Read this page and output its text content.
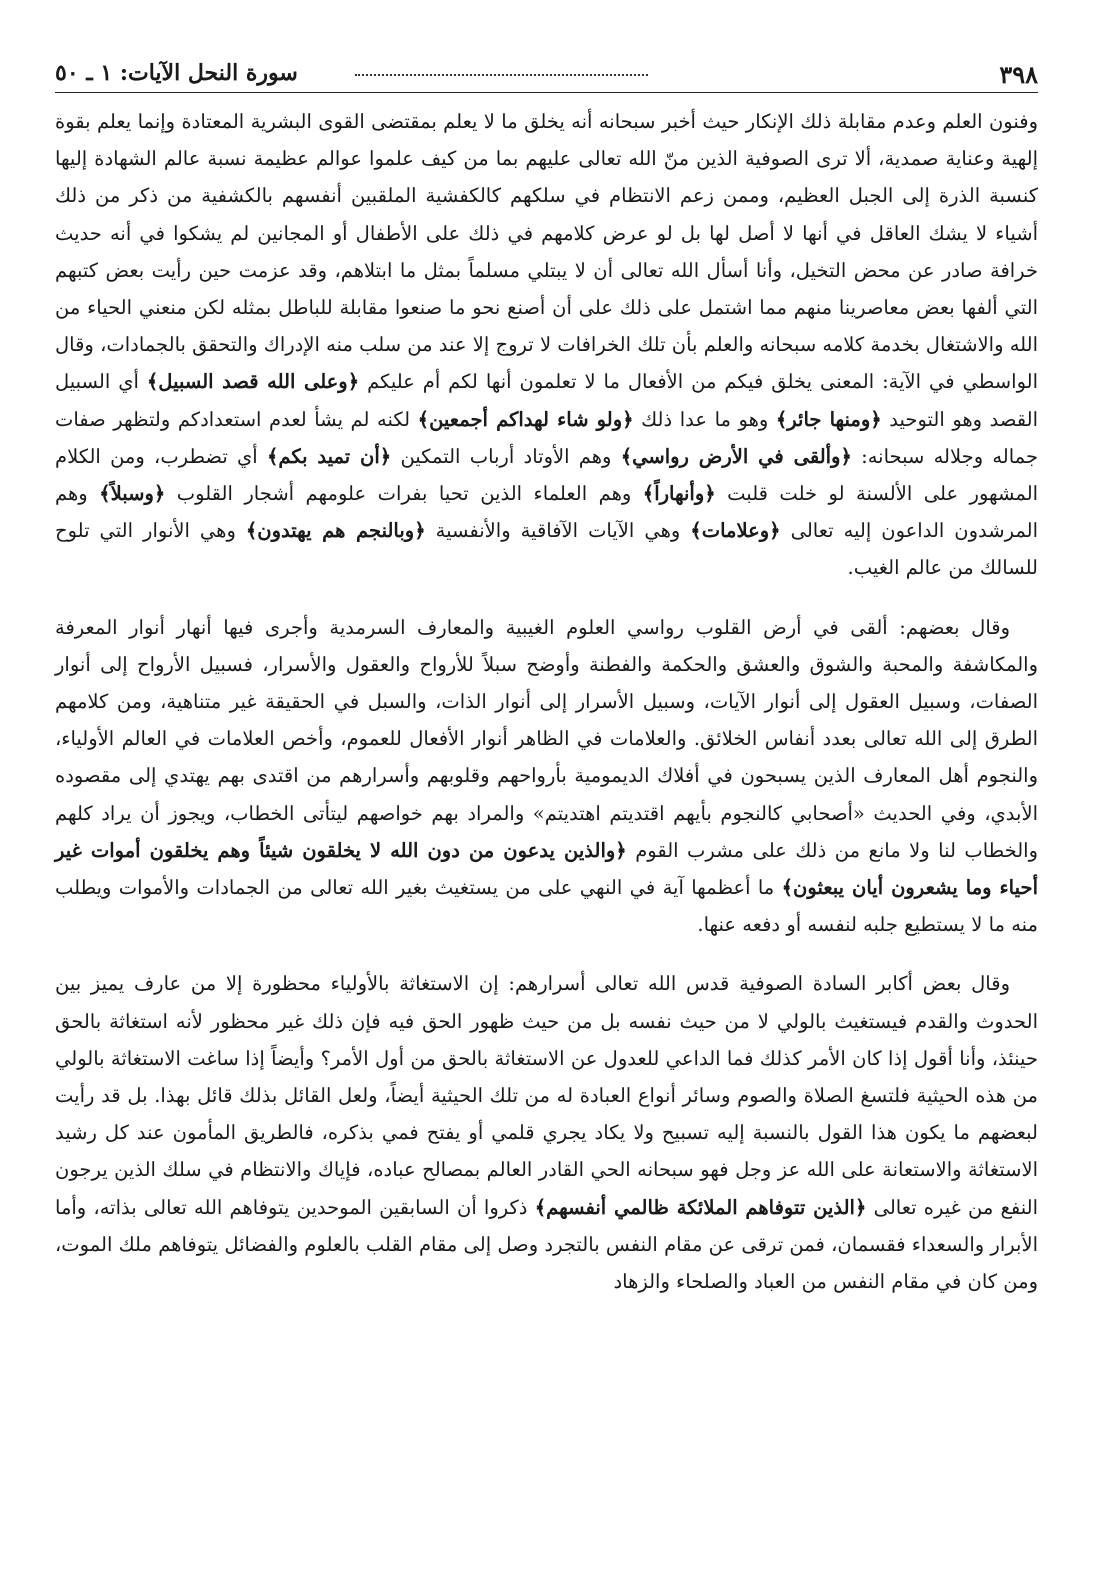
٣٩٨
سورة النحل الآيات: ١ ـ ٥٠

وفنون العلم وعدم مقابلة ذلك الإنكار حيث أخبر سبحانه أنه يخلق ما لا يعلم بمقتضى القوى البشرية المعتادة وإنما يعلم بقوة إلهية وعناية صمدية، ألا ترى الصوفية الذين منّ الله تعالى عليهم بما من كيف علموا عوالم عظيمة نسبة عالم الشهادة إليها كنسبة الذرة إلى الجبل العظيم، وممن زعم الانتظام في سلكهم كالكفشية الملقبين أنفسهم بالكشفية من ذكر من ذلك أشياء لا يشك العاقل في أنها لا أصل لها بل لو عرض كلامهم في ذلك على الأطفال أو المجانين لم يشكوا في أنه حديث خرافة صادر عن محض التخيل، وأنا أسأل الله تعالى أن لا يبتلي مسلماً بمثل ما ابتلاهم، وقد عزمت حين رأيت بعض كتبهم التي ألفها بعض معاصرينا منهم مما اشتمل على ذلك على أن أصنع نحو ما صنعوا مقابلة للباطل بمثله لكن منعني الحياء من الله والاشتغال بخدمة كلامه سبحانه والعلم بأن تلك الخرافات لا تروج إلا عند من سلب منه الإدراك والتحقق بالجمادات، وقال الواسطي في الآية: المعنى يخلق فيكم من الأفعال ما لا تعلمون أنها لكم أم عليكم ﴿وعلى الله قصد السبيل﴾ أي السبيل القصد وهو التوحيد ﴿ومنها جائر﴾ وهو ما عدا ذلك ﴿ولو شاء لهداكم أجمعين﴾ لكنه لم يشأ لعدم استعدادكم ولتظهر صفات جماله وجلاله سبحانه: ﴿وألقى في الأرض رواسي﴾ وهم الأوتاد أرباب التمكين ﴿أن تميد بكم﴾ أي تضطرب، ومن الكلام المشهور على الألسنة لو خلت قلبت ﴿وأنهاراً﴾ وهم العلماء الذين تحيا بفرات علومهم أشجار القلوب ﴿وسبلاً﴾ وهم المرشدون الداعون إليه تعالى ﴿وعلامات﴾ وهي الآيات الآفاقية والأنفسية ﴿وبالنجم هم يهتدون﴾ وهي الأنوار التي تلوح للسالك من عالم الغيب.

وقال بعضهم: ألقى في أرض القلوب رواسي العلوم الغيبية والمعارف السرمدية وأجرى فيها أنهار أنوار المعرفة والمكاشفة والمحبة والشوق والعشق والحكمة والفطنة وأوضح سبلاً للأرواح والعقول والأسرار، فسبيل الأرواح إلى أنوار الصفات، وسبيل العقول إلى أنوار الآيات، وسبيل الأسرار إلى أنوار الذات، والسبل في الحقيقة غير متناهية، ومن كلامهم الطرق إلى الله تعالى بعدد أنفاس الخلائق. والعلامات في الظاهر أنوار الأفعال للعموم، وأخص العلامات في العالم الأولياء، والنجوم أهل المعارف الذين يسبحون في أفلاك الديمومية بأرواحهم وقلوبهم وأسرارهم من اقتدى بهم يهتدي إلى مقصوده الأبدي، وفي الحديث «أصحابي كالنجوم بأيهم اقتديتم اهتديتم» والمراد بهم خواصهم ليتأتى الخطاب، ويجوز أن يراد كلهم والخطاب لنا ولا مانع من ذلك على مشرب القوم ﴿والذين يدعون من دون الله لا يخلقون شيئاً وهم يخلقون أموات غير أحياء وما يشعرون أيان يبعثون﴾ ما أعظمها آية في النهي على من يستغيث بغير الله تعالى من الجمادات والأموات ويطلب منه ما لا يستطيع جلبه لنفسه أو دفعه عنها.

وقال بعض أكابر السادة الصوفية قدس الله تعالى أسرارهم: إن الاستغاثة بالأولياء محظورة إلا من عارف يميز بين الحدوث والقدم فيستغيث بالولي لا من حيث نفسه بل من حيث ظهور الحق فيه فإن ذلك غير محظور لأنه استغاثة بالحق حينئذ، وأنا أقول إذا كان الأمر كذلك فما الداعي للعدول عن الاستغاثة بالحق من أول الأمر؟ وأيضاً إذا ساغت الاستغاثة بالولي من هذه الحيثية فلتسغ الصلاة والصوم وسائر أنواع العبادة له من تلك الحيثية أيضاً، ولعل القائل بذلك قائل بهذا. بل قد رأيت لبعضهم ما يكون هذا القول بالنسبة إليه تسبيح ولا يكاد يجري قلمي أو يفتح فمي بذكره، فالطريق المأمون عند كل رشيد الاستغاثة والاستعانة على الله عز وجل فهو سبحانه الحي القادر العالم بمصالح عباده، فإياك والانتظام في سلك الذين يرجون النفع من غيره تعالى ﴿الذين تتوفاهم الملائكة ظالمي أنفسهم﴾ ذكروا أن السابقين الموحدين يتوفاهم الله تعالى بذاته، وأما الأبرار والسعداء فقسمان، فمن ترقى عن مقام النفس بالتجرد وصل إلى مقام القلب بالعلوم والفضائل يتوفاهم ملك الموت، ومن كان في مقام النفس من العباد والصلحاء والزهاد
